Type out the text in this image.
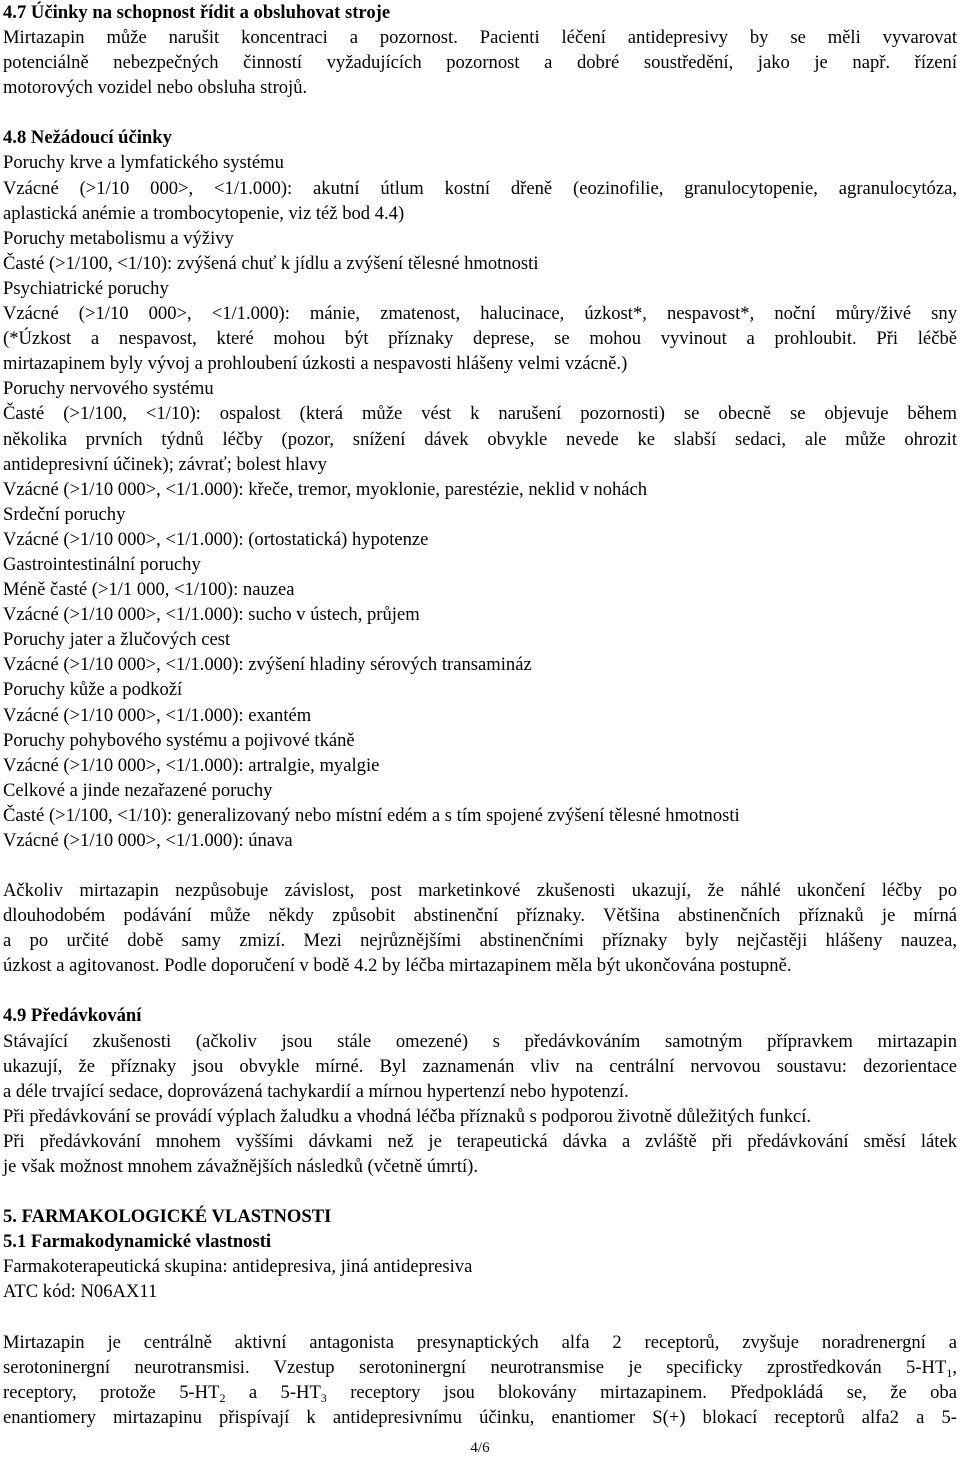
4.7 Účinky na schopnost řídit a obsluhovat stroje
Mirtazapin může narušit koncentraci a pozornost. Pacienti léčení antidepresivy by se měli vyvarovat
potenciálně nebezpečných činností vyžadujících pozornost a dobré soustředění, jako je např. řízení
motorových vozidel nebo obsluha strojů.
4.8 Nežádoucí účinky
Poruchy krve a lymfatického systému
Vzácné (>1/10 000>, <1/1.000): akutní útlum kostní dřeně (eozinofilie, granulocytopenie, agranulocytóza,
aplastická anémie a trombocytopenie, viz též bod 4.4)
Poruchy metabolismu a výživy
Časté (>1/100, <1/10): zvýšená chuť k jídlu a zvýšení tělesné hmotnosti
Psychiatrické poruchy
Vzácné (>1/10 000>, <1/1.000): mánie, zmatenost, halucinace, úzkost*, nespavost*, noční můry/živé sny
(*Úzkost a nespavost, které mohou být příznaky deprese, se mohou vyvinout a prohloubit. Při léčbě
mirtazapinem byly vývoj a prohloubení úzkosti a nespavosti hlášeny velmi vzácně.)
Poruchy nervového systému
Časté (>1/100, <1/10): ospalost (která může vést k narušení pozornosti) se obecně se objevuje během
několika prvních týdnů léčby (pozor, snížení dávek obvykle nevede ke slabší sedaci, ale může ohrozit
antidepresivní účinek); závrať; bolest hlavy
Vzácné (>1/10 000>, <1/1.000): křeče, tremor, myoklonie, parestézie, neklid v nohách
Srdeční poruchy
Vzácné (>1/10 000>, <1/1.000): (ortostatická) hypotenze
Gastrointestinální poruchy
Méně časté (>1/1 000, <1/100): nauzea
Vzácné (>1/10 000>, <1/1.000): sucho v ústech, průjem
Poruchy jater a žlučových cest
Vzácné (>1/10 000>, <1/1.000): zvýšení hladiny sérových transamináz
Poruchy kůže a podkoží
Vzácné (>1/10 000>, <1/1.000): exantém
Poruchy pohybového systému a pojivové tkáně
Vzácné (>1/10 000>, <1/1.000): artralgie, myalgie
Celkové a jinde nezařazené poruchy
Časté (>1/100, <1/10): generalizovaný nebo místní edém a s tím spojené zvýšení tělesné hmotnosti
Vzácné (>1/10 000>, <1/1.000): únava
Ačkoliv mirtazapin nezpůsobuje závislost, post marketinkové zkušenosti ukazují, že náhlé ukončení léčby po
dlouhodobém podávání může někdy způsobit abstinenční příznaky. Většina abstinenčních příznaků je mírná
a po určité době samy zmizí. Mezi nejrůznějšími abstinenčními příznaky byly nejčastěji hlášeny nauzea,
úzkost a agitovanost. Podle doporučení v bodě 4.2 by léčba mirtazapinem měla být ukončována postupně.
4.9 Předávkování
Stávající zkušenosti (ačkoliv jsou stále omezené) s předávkováním samotným přípravkem mirtazapin
ukazují, že příznaky jsou obvykle mírné. Byl zaznamenán vliv na centrální nervovou soustavu: dezorientace
a déle trvající sedace, doprovázená tachykardií a mírnou hypertenzí nebo hypotenzí.
Při předávkování se provádí výplach žaludku a vhodná léčba příznaků s podporou životně důležitých funkcí.
Při předávkování mnohem vyššími dávkami než je terapeutická dávka a zvláště při předávkování směsí látek
je však možnost mnohem závažnějších následků (včetně úmrtí).
5. FARMAKOLOGICKÉ VLASTNOSTI
5.1 Farmakodynamické vlastnosti
Farmakoterapeutická skupina: antidepresiva, jiná antidepresiva
ATC kód: N06AX11
Mirtazapin je centrálně aktivní antagonista presynaptických alfa 2 receptorů, zvyšuje noradrenergní a
serotoninergní neurotransmisi. Vzestup serotoninergní neurotransmise je specificky zprostředkován $5-HT_1$,
receptory, protože $5-HT_2$ a $5-HT_3$ receptory jsou blokovány mirtazapinem. Předpokládá se, že oba
enantiomery mirtazapinu přispívají k antidepresivnímu účinku, enantiomer S(+) blokací receptorů alfa2 a 5-
4/6
